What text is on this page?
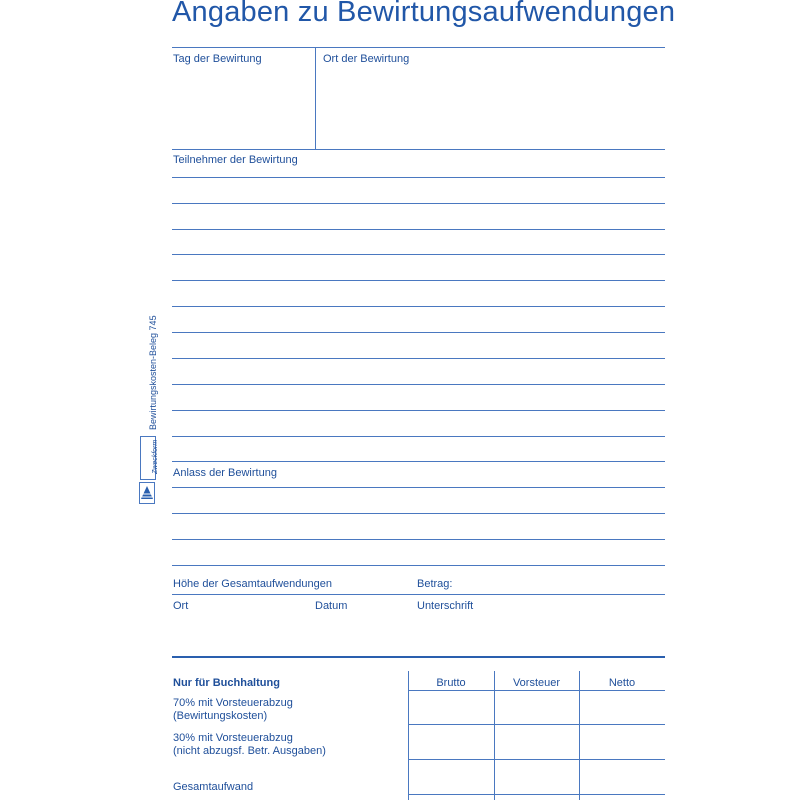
Angaben zu Bewirtungsaufwendungen
Tag der Bewirtung	Ort der Bewirtung
Teilnehmer der Bewirtung
Anlass der Bewirtung
Höhe der Gesamtaufwendungen	Betrag:
Ort	Datum	Unterschrift
Nur für Buchhaltung
70% mit Vorsteuerabzug
(Bewirtungskosten)
30% mit Vorsteuerabzug
(nicht abzugsf. Betr. Ausgaben)
Gesamtaufwand
Brutto	Vorsteuer	Netto
Bewirtungskosten-Beleg 745
Zweckform
